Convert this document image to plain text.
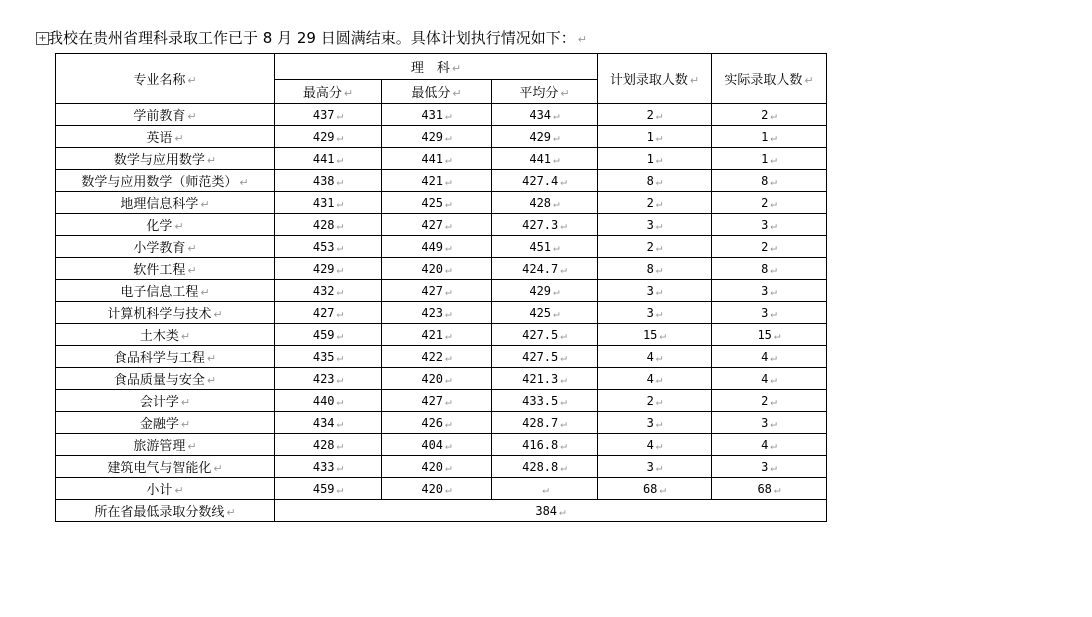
+ 我校在贵州省理科录取工作已于 8 月 29 日圆满结束。具体计划执行情况如下： ↵
专业名称 ↵	理　科 ↵			计划录取人数 ↵	实际录取人数 ↵
	最高分 ↵	最低分 ↵	平均分 ↵		
学前教育 ↵	437 ↵	431 ↵	434 ↵	2 ↵	2 ↵
英语 ↵	429 ↵	429 ↵	429 ↵	1 ↵	1 ↵
数学与应用数学 ↵	441 ↵	441 ↵	441 ↵	1 ↵	1 ↵
数学与应用数学（师范类） ↵	438 ↵	421 ↵	427.4 ↵	8 ↵	8 ↵
地理信息科学 ↵	431 ↵	425 ↵	428 ↵	2 ↵	2 ↵
化学 ↵	428 ↵	427 ↵	427.3 ↵	3 ↵	3 ↵
小学教育 ↵	453 ↵	449 ↵	451 ↵	2 ↵	2 ↵
软件工程 ↵	429 ↵	420 ↵	424.7 ↵	8 ↵	8 ↵
电子信息工程 ↵	432 ↵	427 ↵	429 ↵	3 ↵	3 ↵
计算机科学与技术 ↵	427 ↵	423 ↵	425 ↵	3 ↵	3 ↵
土木类 ↵	459 ↵	421 ↵	427.5 ↵	15 ↵	15 ↵
食品科学与工程 ↵	435 ↵	422 ↵	427.5 ↵	4 ↵	4 ↵
食品质量与安全 ↵	423 ↵	420 ↵	421.3 ↵	4 ↵	4 ↵
会计学 ↵	440 ↵	427 ↵	433.5 ↵	2 ↵	2 ↵
金融学 ↵	434 ↵	426 ↵	428.7 ↵	3 ↵	3 ↵
旅游管理 ↵	428 ↵	404 ↵	416.8 ↵	4 ↵	4 ↵
建筑电气与智能化 ↵	433 ↵	420 ↵	428.8 ↵	3 ↵	3 ↵
小计 ↵	459 ↵	420 ↵	↵	68 ↵	68 ↵
所在省最低录取分数线 ↵	384 ↵				
